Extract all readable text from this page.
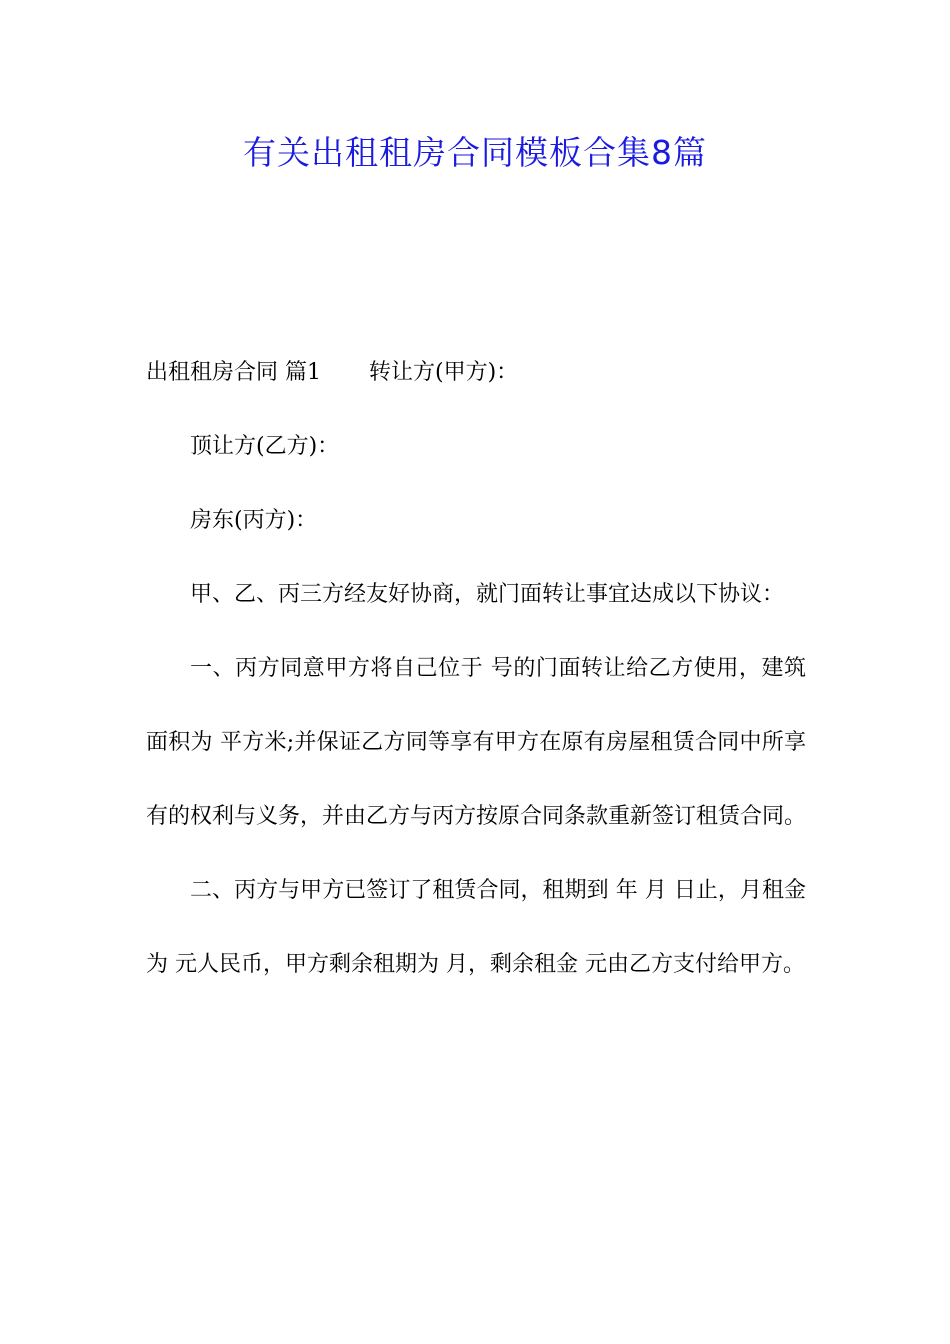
有关出租租房合同模板合集8篇

出租租房合同 篇1 转让方(甲方)：

顶让方(乙方)：

房东(丙方)：

甲、乙、丙三方经友好协商，就门面转让事宜达成以下协议：

一、丙方同意甲方将自己位于 号的门面转让给乙方使用，建筑面积为 平方米;并保证乙方同等享有甲方在原有房屋租赁合同中所享有的权利与义务，并由乙方与丙方按原合同条款重新签订租赁合同。

二、丙方与甲方已签订了租赁合同，租期到 年 月 日止，月租金为 元人民币，甲方剩余租期为 月，剩余租金 元由乙方支付给甲方。
